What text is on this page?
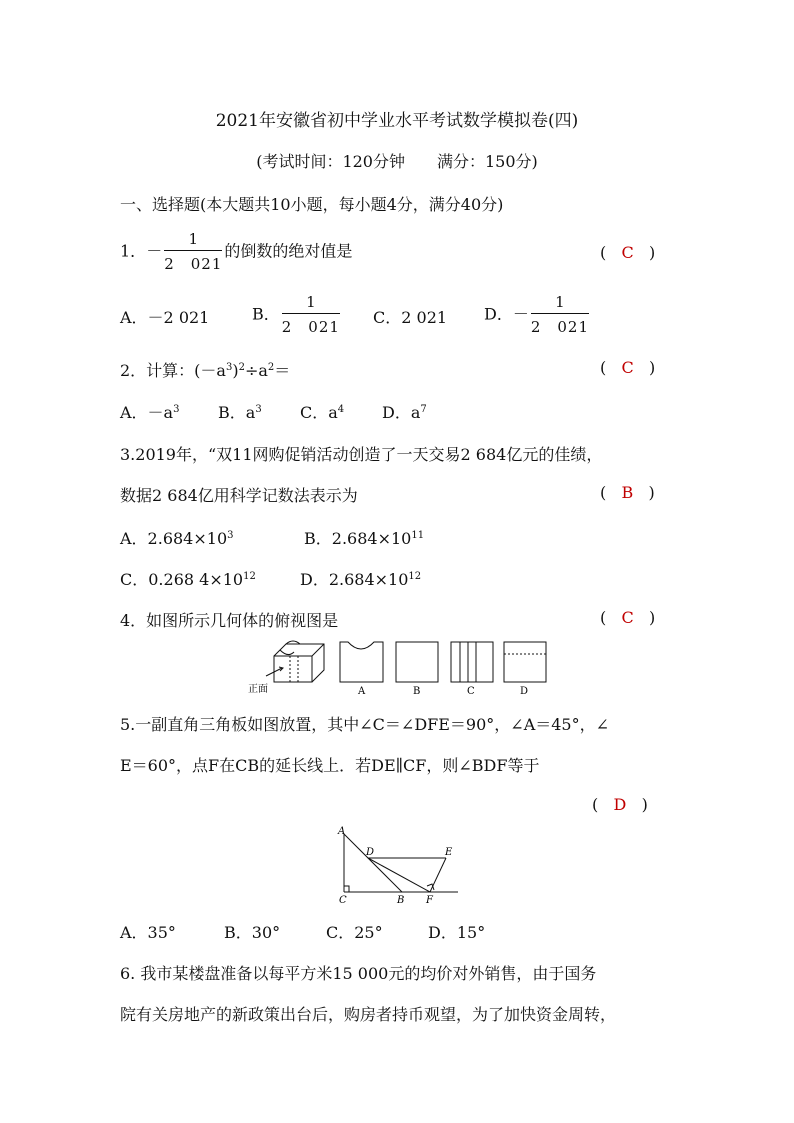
2021年安徽省初中学业水平考试数学模拟卷(四)
(考试时间：120分钟　　满分：150分)
一、选择题(本大题共10小题，每小题4分，满分40分)
1．－ $\frac{1}{2 021}$ 的倒数的绝对值是	( C )
A．－2 021	B． $\frac{1}{2 021}$ C．2 021 D．－ $\frac{1}{2 021}$
2．计算：$(-a^3)^2\div a^2=$	( C )
A．$-a^3$ B．$a^3$ C．$a^4$ D．$a^7$
3.2019年，“双11网购促销活动创造了一天交易2 684亿元的佳绩，
数据2 684亿用科学记数法表示为	( B )
A．$2.684\times 10^3$	B．$2.684\times 10^{11}$
C．0.268 $4\times 10^{12}$	D．$2.684\times 10^{12}$
4．如图所示几何体的俯视图是	( C )
正面	A	B	C	D
5.一副直角三角板如图放置，其中∠C＝∠DFE＝90°，∠A＝45°，∠
E＝60°，点F在CB的延长线上．若DE∥CF，则∠BDF等于
( D )
A
D	E
C	B F
A．35°	B．30°	C．25°	D．15°
6. 我市某楼盘准备以每平方米15 000元的均价对外销售，由于国务
院有关房地产的新政策出台后，购房者持币观望，为了加快资金周转，
